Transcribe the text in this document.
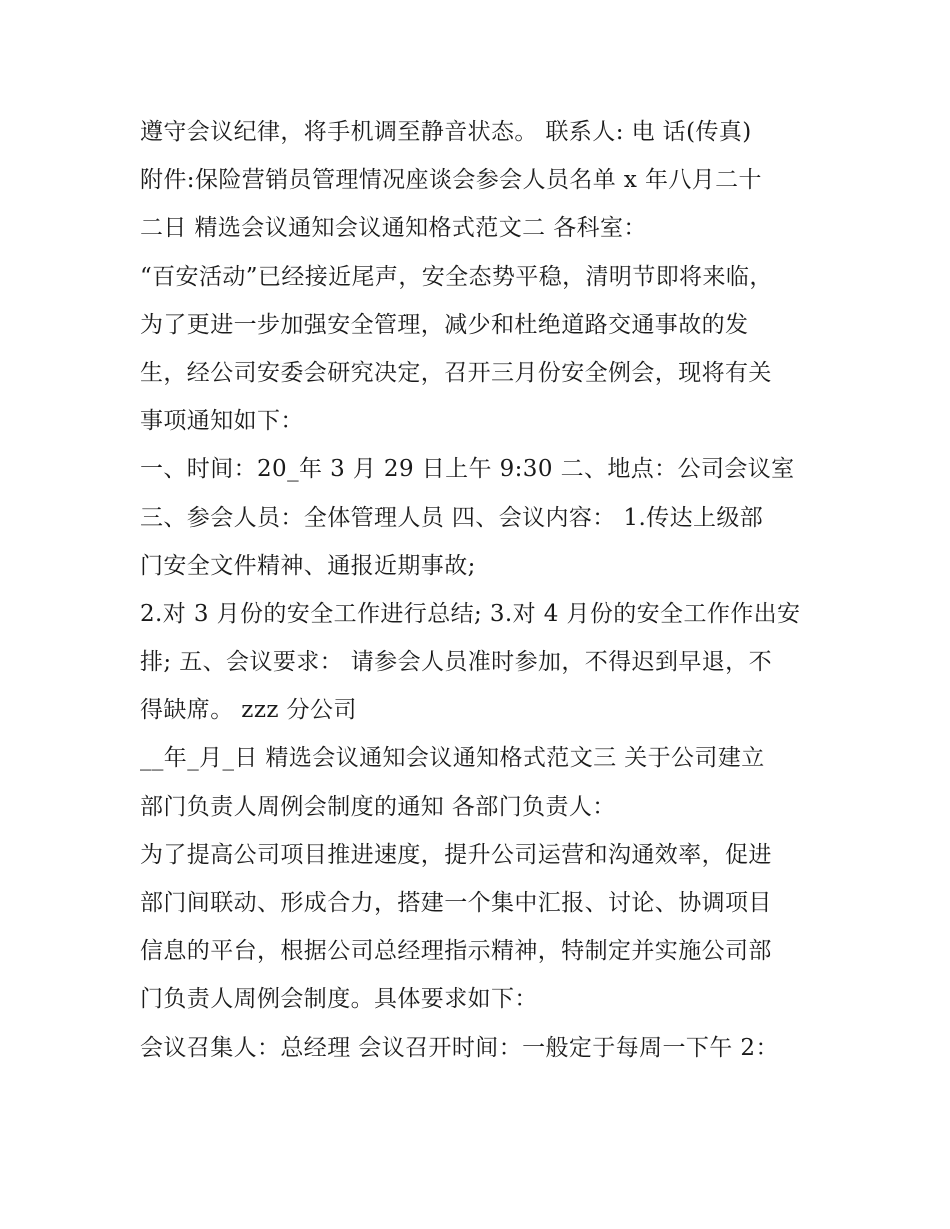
遵守会议纪律，将手机调至静音状态。 联系人: 电 话(传真)
附件:保险营销员管理情况座谈会参会人员名单 x 年八月二十
二日 精选会议通知会议通知格式范文二 各科室：
“百安活动”已经接近尾声，安全态势平稳，清明节即将来临，
为了更进一步加强安全管理，减少和杜绝道路交通事故的发
生，经公司安委会研究决定，召开三月份安全例会，现将有关
事项通知如下：
一、时间：20_年 3 月 29 日上午 9:30 二、地点：公司会议室
三、参会人员：全体管理人员 四、会议内容： 1.传达上级部
门安全文件精神、通报近期事故;
2.对 3 月份的安全工作进行总结; 3.对 4 月份的安全工作作出安
排; 五、会议要求： 请参会人员准时参加，不得迟到早退，不
得缺席。 zzz 分公司
__年_月_日 精选会议通知会议通知格式范文三 关于公司建立
部门负责人周例会制度的通知 各部门负责人：
为了提高公司项目推进速度，提升公司运营和沟通效率，促进
部门间联动、形成合力，搭建一个集中汇报、讨论、协调项目
信息的平台，根据公司总经理指示精神，特制定并实施公司部
门负责人周例会制度。具体要求如下：
会议召集人：总经理 会议召开时间：一般定于每周一下午 2：
